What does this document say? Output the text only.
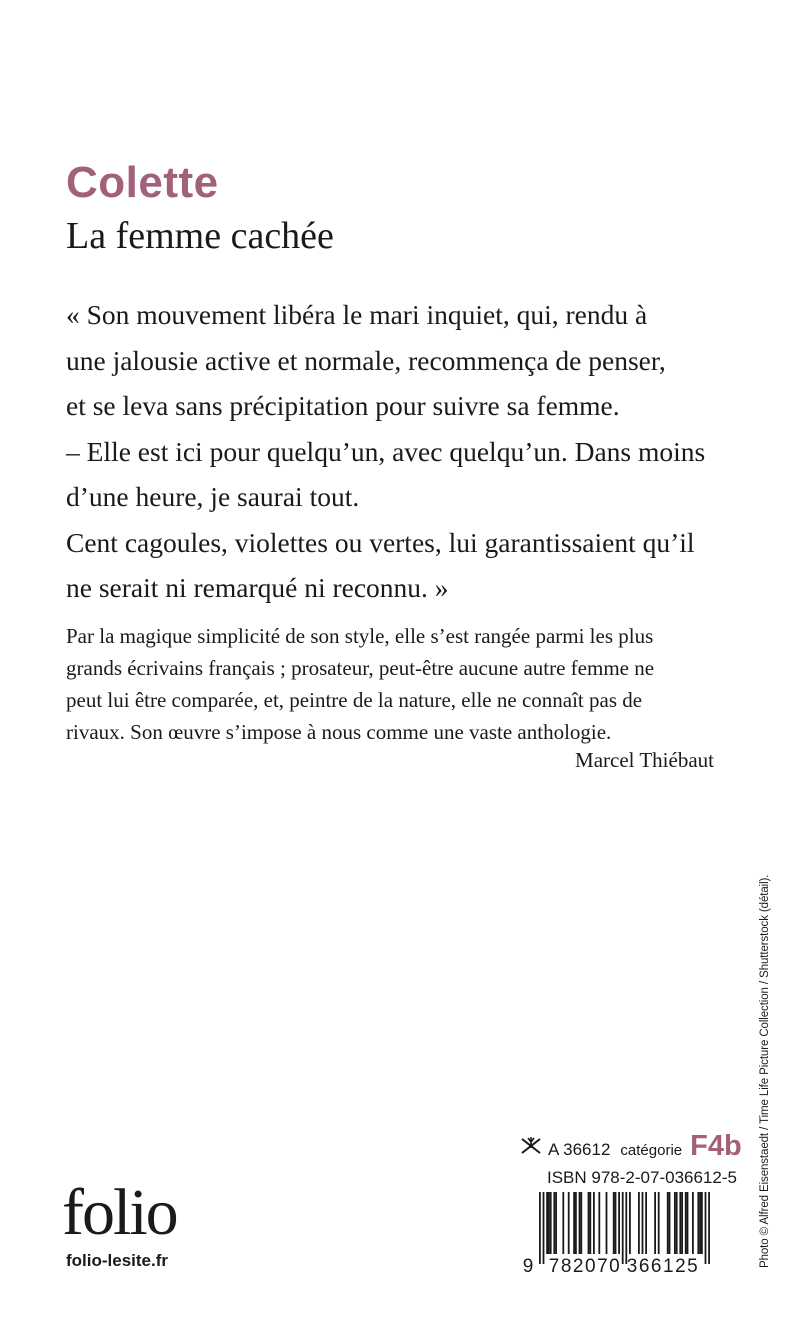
Colette
La femme cachée
« Son mouvement libéra le mari inquiet, qui, rendu à
une jalousie active et normale, recommença de penser,
et se leva sans précipitation pour suivre sa femme.
– Elle est ici pour quelqu’un, avec quelqu’un. Dans moins
d’une heure, je saurai tout.
Cent cagoules, violettes ou vertes, lui garantissaient qu’il
ne serait ni remarqué ni reconnu. »
Par la magique simplicité de son style, elle s’est rangée parmi les plus
grands écrivains français ; prosateur, peut-être aucune autre femme ne
peut lui être comparée, et, peintre de la nature, elle ne connaît pas de
rivaux. Son œuvre s’impose à nous comme une vaste anthologie.
Marcel Thiébaut
Photo © Alfred Eisenstaedt / Time Life Picture Collection / Shutterstock (détail).
A 36612 catégorie F4b
ISBN 978-2-07-036612-5
9 782070 366125
folio
folio-lesite.fr
